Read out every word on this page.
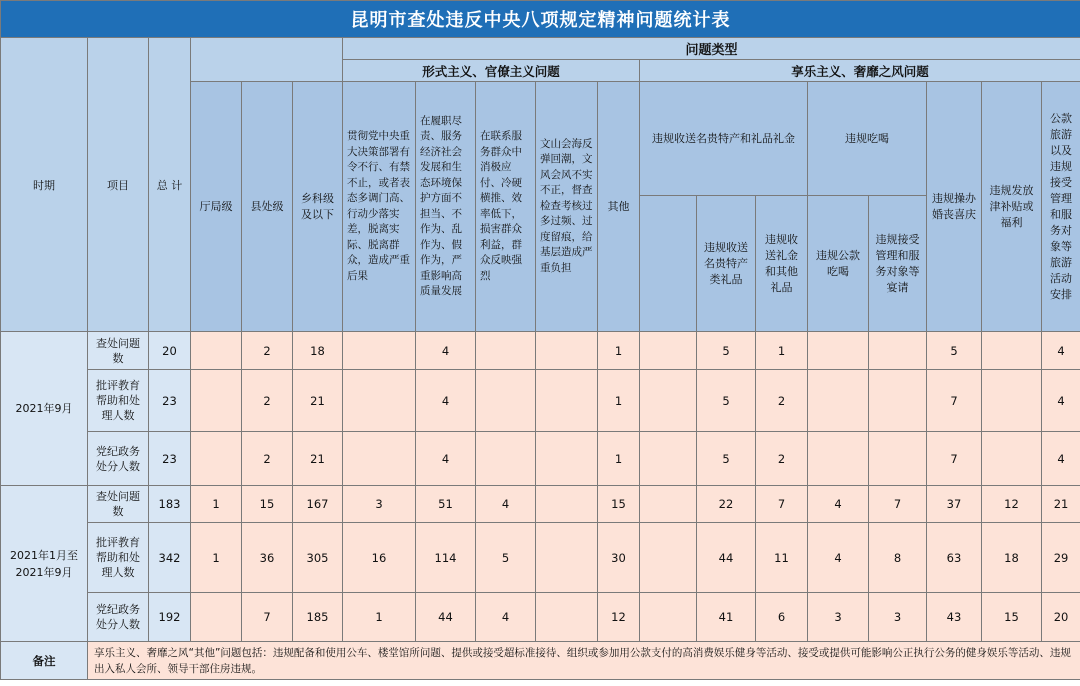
昆明市查处违反中央八项规定精神问题统计表																			
时期	项目	总 计				问题类型													
						形式主义、官僚主义问题					享乐主义、奢靡之风问题								
			厅局级	县处级	乡科级及以下	贯彻党中央重大决策部署有令不行、有禁不止，或者表态多调门高、行动少落实差，脱离实际、脱离群众，造成严重后果	在履职尽责、服务经济社会发展和生态环境保护方面不担当、不作为、乱作为、假作为，严重影响高质量发展	在联系服务群众中消极应付、冷硬横推、效率低下，损害群众利益，群众反映强烈	文山会海反弹回潮，文风会风不实不正，督查检查考核过多过频、过度留痕，给基层造成严重负担	其他	违规收送名贵特产和礼品礼金			违规吃喝		违规操办婚丧喜庆	违规发放津补贴或福利	公款旅游以及违规接受管理和服务对象等旅游活动安排	
												违规收送名贵特产类礼品	违规收送礼金和其他礼品	违规公款吃喝	违规接受管理和服务对象等宴请				

2021年9月	查处问题数	20		2	18		4			1		5	1			5		4	
	批评教育帮助和处理人数	23		2	21		4			1		5	2			7		4	
	党纪政务处分人数	23		2	21		4			1		5	2			7		4	
2021年1月至2021年9月	查处问题数	183	1	15	167	3	51	4		15		22	7	4	7	37	12	21	
	批评教育帮助和处理人数	342	1	36	305	16	114	5		30		44	11	4	8	63	18	29	
	党纪政务处分人数	192		7	185	1	44	4		12		41	6	3	3	43	15	20	
备注	享乐主义、奢靡之风“其他”问题包括：违规配备和使用公车、楼堂馆所问题、提供或接受超标准接待、组织或参加用公款支付的高消费娱乐健身等活动、接受或提供可能影响公正执行公务的健身娱乐等活动、违规出入私人会所、领导干部住房违规。																		
